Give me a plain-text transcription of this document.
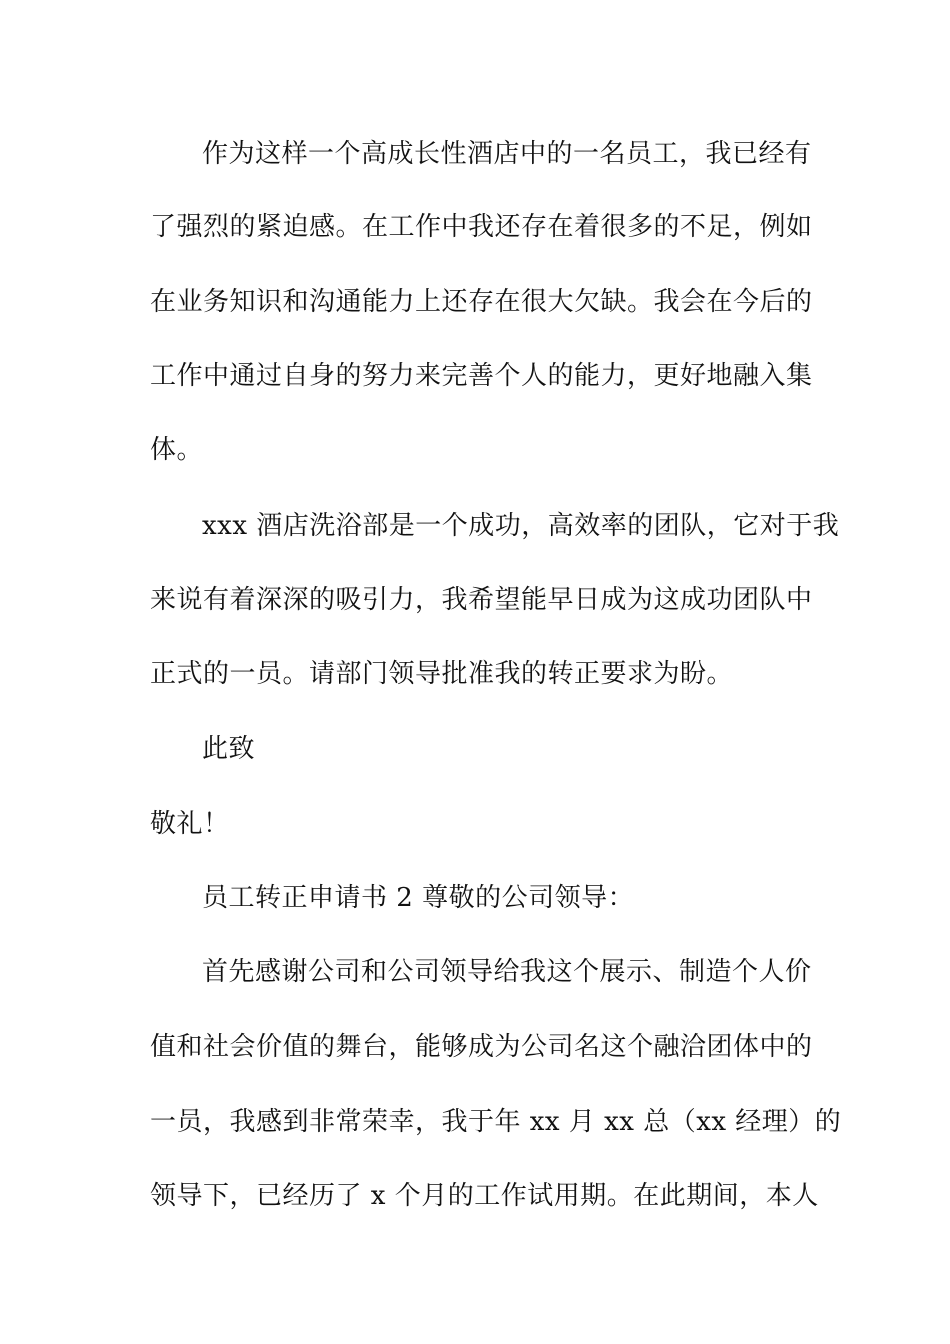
作为这样一个高成长性酒店中的一名员工，我已经有
了强烈的紧迫感。在工作中我还存在着很多的不足，例如
在业务知识和沟通能力上还存在很大欠缺。我会在今后的
工作中通过自身的努力来完善个人的能力，更好地融入集
体。
xxx 酒店洗浴部是一个成功，高效率的团队，它对于我
来说有着深深的吸引力，我希望能早日成为这成功团队中
正式的一员。请部门领导批准我的转正要求为盼。
此致
敬礼！
员工转正申请书 2 尊敬的公司领导：
首先感谢公司和公司领导给我这个展示、制造个人价
值和社会价值的舞台，能够成为公司名这个融洽团体中的
一员，我感到非常荣幸，我于年 xx 月 xx 总（xx 经理）的
领导下，已经历了 x 个月的工作试用期。在此期间，本人
